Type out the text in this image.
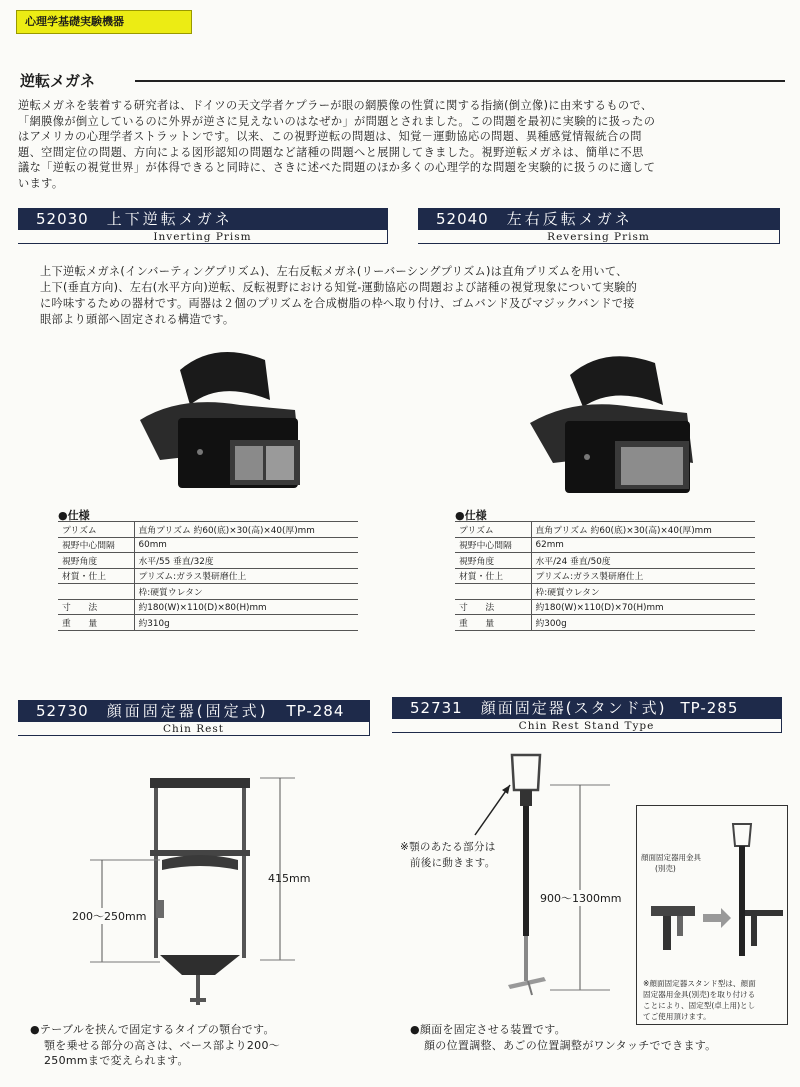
心理学基礎実験機器
逆転メガネ
逆転メガネを装着する研究者は、ドイツの天文学者ケプラーが眼の網膜像の性質に関する指摘(倒立像)に由来するもので、
「網膜像が倒立しているのに外界が逆さに見えないのはなぜか」が問題とされました。この問題を最初に実験的に扱ったの
はアメリカの心理学者ストラットンです。以来、この視野逆転の問題は、知覚－運動協応の問題、異種感覚情報統合の問
題、空間定位の問題、方向による図形認知の問題など諸種の問題へと展開してきました。視野逆転メガネは、簡単に不思
議な「逆転の視覚世界」が体得できると同時に、さきに述べた問題のほか多くの心理学的な問題を実験的に扱うのに適して
います。
52030 上下逆転メガネ
Inverting Prism
52040 左右反転メガネ
Reversing Prism
上下逆転メガネ(インバーティングプリズム)、左右反転メガネ(リーバーシングプリズム)は直角プリズムを用いて、
上下(垂直方向)、左右(水平方向)逆転、反転視野における知覚-運動協応の問題および諸種の視覚現象について実験的
に吟味するための器材です。両器は２個のプリズムを合成樹脂の枠へ取り付け、ゴムバンド及びマジックバンドで接
眼部より頭部へ固定される構造です。
●仕様
プリズム	直角プリズム 約60(底)×30(高)×40(厚)mm
視野中心間隔	60mm
視野角度	水平/55 垂直/32度
材質・仕上	プリズム:ガラス製研磨仕上
	枠:硬質ウレタン
寸　　法	約180(W)×110(D)×80(H)mm
重　　量	約310g
●仕様
プリズム	直角プリズム 約60(底)×30(高)×40(厚)mm
視野中心間隔	62mm
視野角度	水平/24 垂直/50度
材質・仕上	プリズム:ガラス製研磨仕上
	枠:硬質ウレタン
寸　　法	約180(W)×110(D)×70(H)mm
重　　量	約300g
52730 顔面固定器(固定式) TP-284
Chin Rest
52731 顔面固定器(スタンド式) TP-285
Chin Rest Stand Type
415mm
200～250mm
●テーブルを挟んで固定するタイプの顎台です。
顎を乗せる部分の高さは、ベース部より200～
250mmまで変えられます。
※顎のあたる部分は
前後に動きます。
900～1300mm
顔面固定器用金具
(別売)
※顔面固定器スタンド型は、顔面
固定器用金具(別売)を取り付ける
ことにより、固定型(卓上用)とし
てご使用頂けます。
●顔面を固定させる装置です。
顔の位置調整、あごの位置調整がワンタッチでできます。
